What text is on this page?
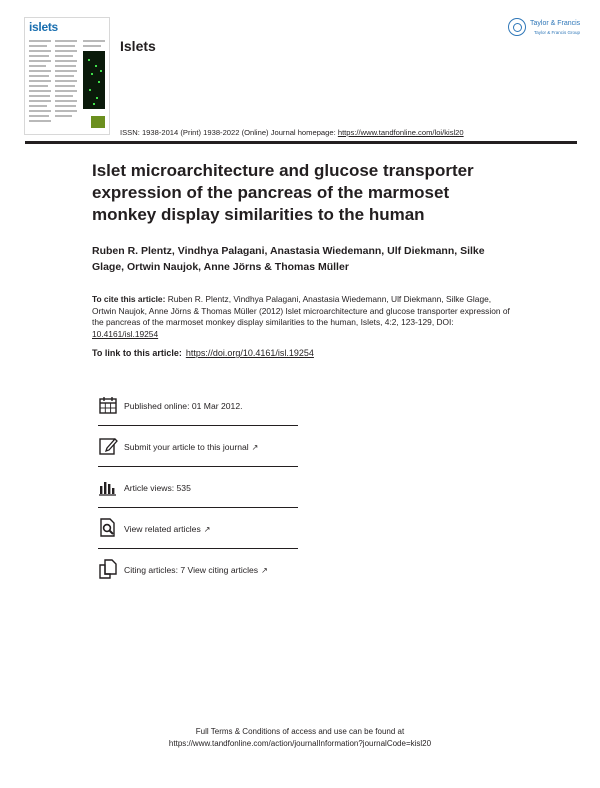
islets
Islets
Taylor & Francis
Taylor & Francis Group
ISSN: 1938-2014 (Print) 1938-2022 (Online) Journal homepage: https://www.tandfonline.com/loi/kisl20
Islet microarchitecture and glucose transporter expression of the pancreas of the marmoset monkey display similarities to the human
Ruben R. Plentz, Vindhya Palagani, Anastasia Wiedemann, Ulf Diekmann, Silke Glage, Ortwin Naujok, Anne Jörns & Thomas Müller
To cite this article: Ruben R. Plentz, Vindhya Palagani, Anastasia Wiedemann, Ulf Diekmann, Silke Glage, Ortwin Naujok, Anne Jörns & Thomas Müller (2012) Islet microarchitecture and glucose transporter expression of the pancreas of the marmoset monkey display similarities to the human, Islets, 4:2, 123-129, DOI: 10.4161/isl.19254
To link to this article: https://doi.org/10.4161/isl.19254
Published online: 01 Mar 2012.
Submit your article to this journal ↗
Article views: 535
View related articles ↗
Citing articles: 7 View citing articles ↗
Full Terms & Conditions of access and use can be found at
https://www.tandfonline.com/action/journalInformation?journalCode=kisl20
